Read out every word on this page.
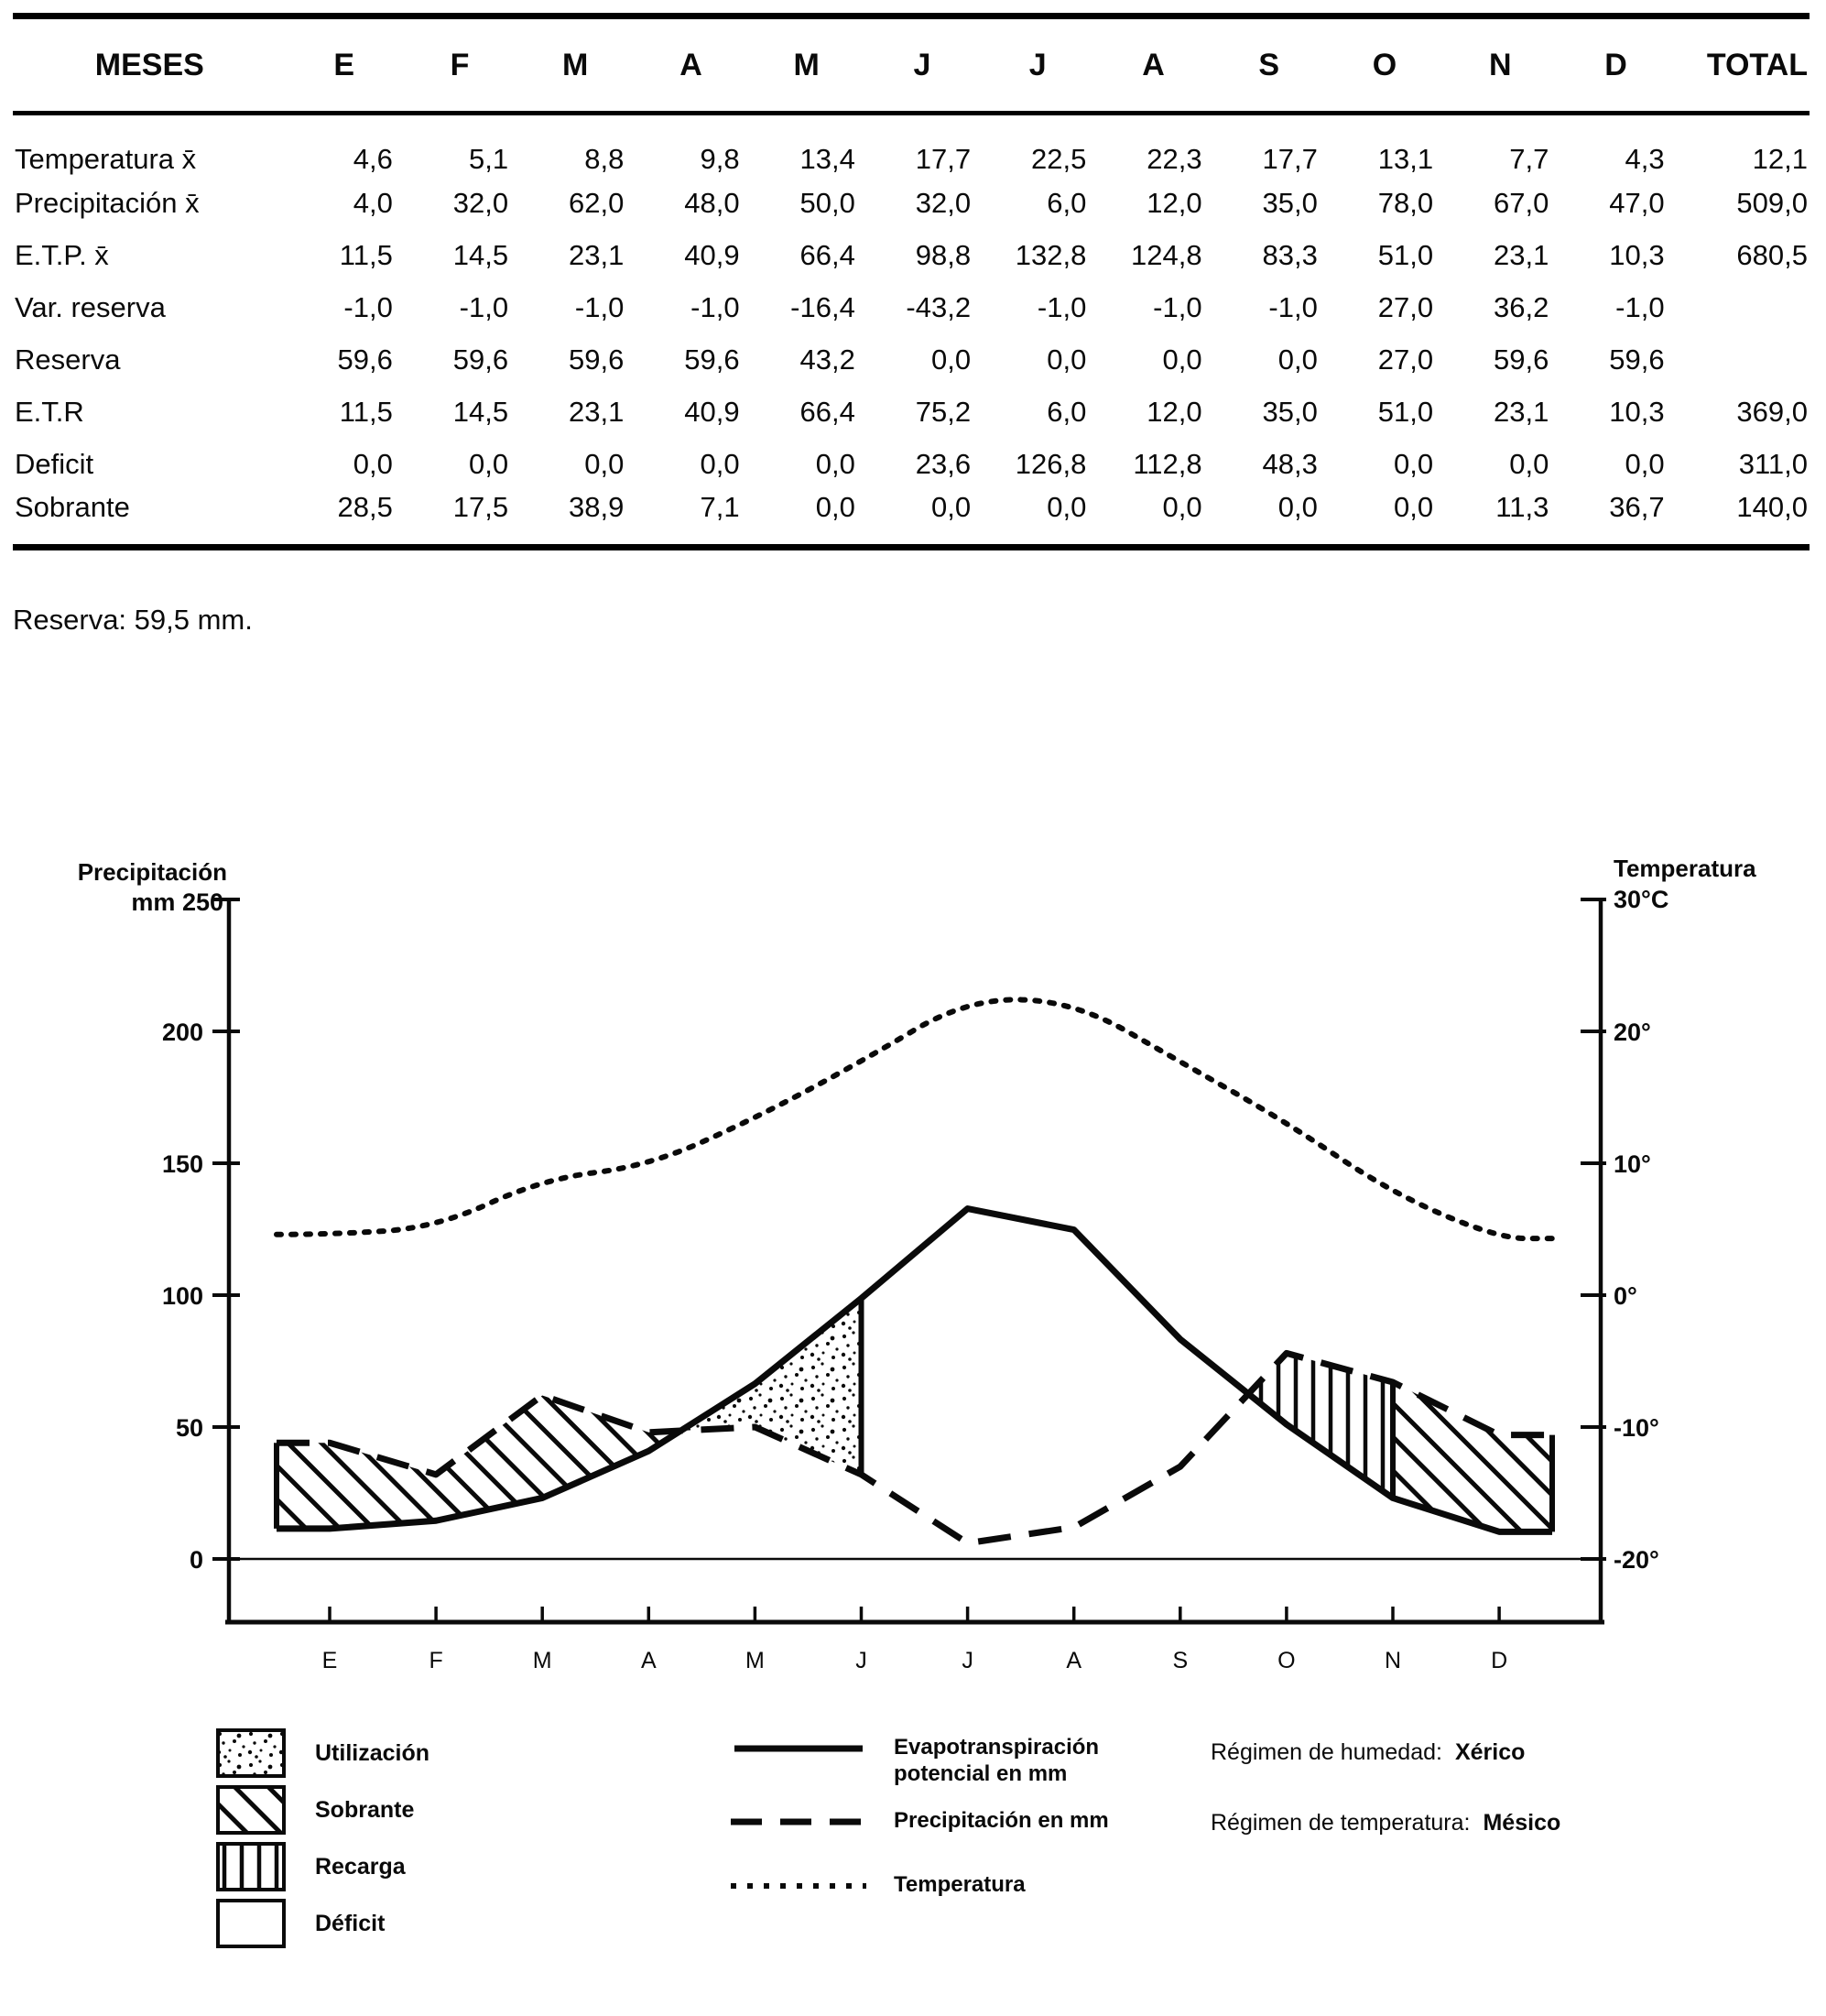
MESES	E	F	M	A	M	J	J	A	S	O	N	D	TOTAL
Temperatura x̄	4,6	5,1	8,8	9,8	13,4	17,7	22,5	22,3	17,7	13,1	7,7	4,3	12,1
Precipitación x̄	4,0	32,0	62,0	48,0	50,0	32,0	6,0	12,0	35,0	78,0	67,0	47,0	509,0
E.T.P. x̄	11,5	14,5	23,1	40,9	66,4	98,8	132,8	124,8	83,3	51,0	23,1	10,3	680,5
Var. reserva	-1,0	-1,0	-1,0	-1,0	-16,4	-43,2	-1,0	-1,0	-1,0	27,0	36,2	-1,0	
Reserva	59,6	59,6	59,6	59,6	43,2	0,0	0,0	0,0	0,0	27,0	59,6	59,6	
E.T.R	11,5	14,5	23,1	40,9	66,4	75,2	6,0	12,0	35,0	51,0	23,1	10,3	369,0
Deficit	0,0	0,0	0,0	0,0	0,0	23,6	126,8	112,8	48,3	0,0	0,0	0,0	311,0
Sobrante	28,5	17,5	38,9	7,1	0,0	0,0	0,0	0,0	0,0	0,0	11,3	36,7	140,0
Reserva: 59,5 mm.
Precipitación
mm 250
200
150
100
50
0
Temperatura
30°C
20°
10°
0°
-10°
-20°
E	F	M	A	M	J	J	A	S	O	N	D
Utilización
Sobrante
Recarga
Déficit
Evapotranspiración
potencial en mm
Precipitación en mm
Temperatura
Régimen de humedad: Xérico
Régimen de temperatura: Mésico
